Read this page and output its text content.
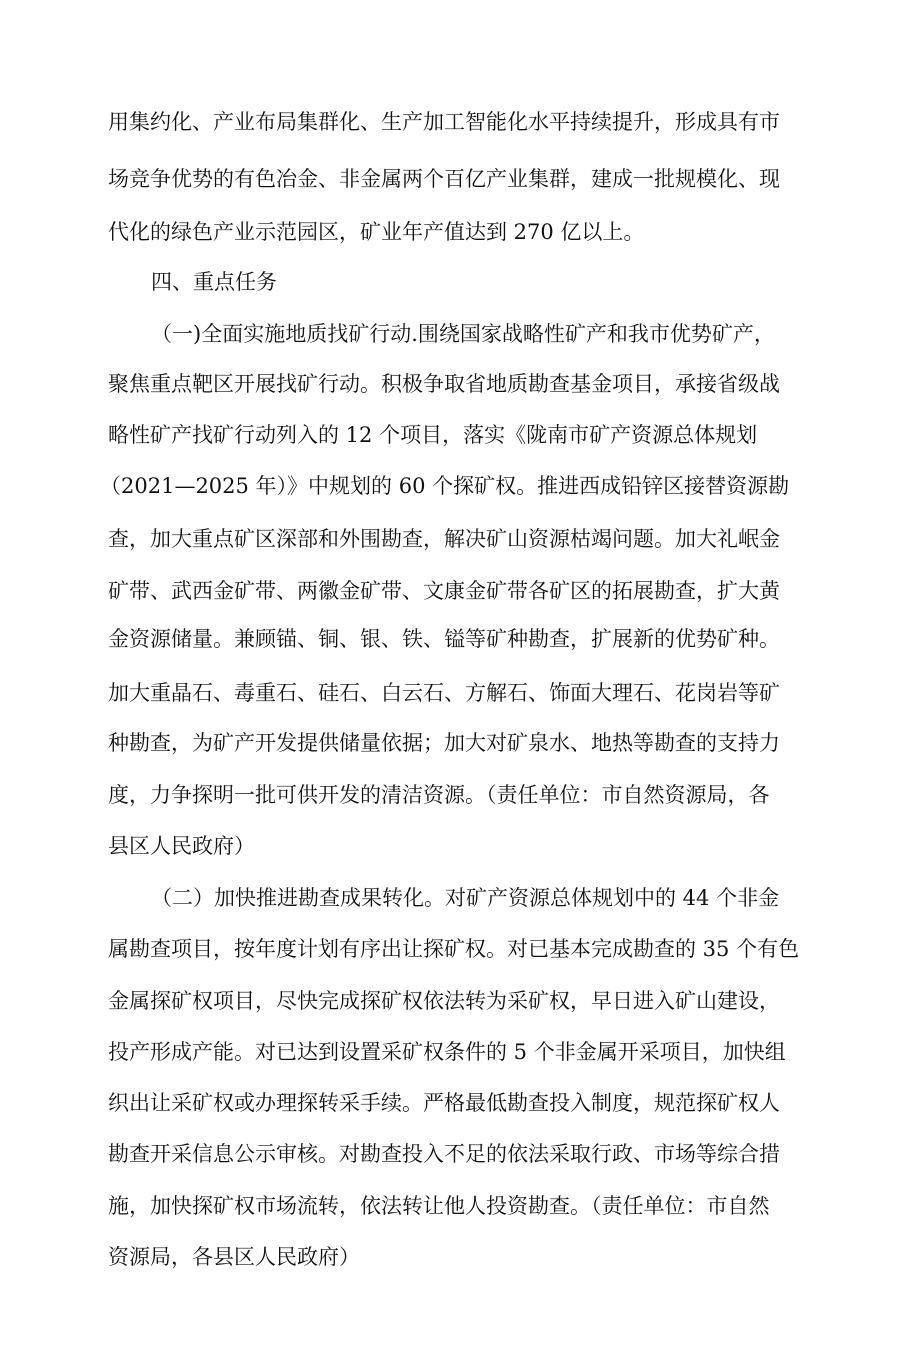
用集约化、产业布局集群化、生产加工智能化水平持续提升，形成具有市
场竞争优势的有色冶金、非金属两个百亿产业集群，建成一批规模化、现
代化的绿色产业示范园区，矿业年产值达到 270 亿以上。
四、重点任务
（一)全面实施地质找矿行动.围绕国家战略性矿产和我市优势矿产，
聚焦重点靶区开展找矿行动。积极争取省地质勘查基金项目，承接省级战
略性矿产找矿行动列入的 12 个项目，落实《陇南市矿产资源总体规划
（2021—2025 年）》中规划的 60 个探矿权。推进西成铅锌区接替资源勘
查，加大重点矿区深部和外围勘查，解决矿山资源枯竭问题。加大礼岷金
矿带、武西金矿带、两徽金矿带、文康金矿带各矿区的拓展勘查，扩大黄
金资源储量。兼顾锚、铜、银、铁、镒等矿种勘查，扩展新的优势矿种。
加大重晶石、毒重石、硅石、白云石、方解石、饰面大理石、花岗岩等矿
种勘查，为矿产开发提供储量依据；加大对矿泉水、地热等勘查的支持力
度，力争探明一批可供开发的清洁资源。（责任单位：市自然资源局，各
县区人民政府）
（二）加快推进勘查成果转化。对矿产资源总体规划中的 44 个非金
属勘查项目，按年度计划有序出让探矿权。对已基本完成勘查的 35 个有色
金属探矿权项目，尽快完成探矿权依法转为采矿权，早日进入矿山建设，
投产形成产能。对已达到设置采矿权条件的 5 个非金属开采项目，加快组
织出让采矿权或办理探转采手续。严格最低勘查投入制度，规范探矿权人
勘查开采信息公示审核。对勘查投入不足的依法采取行政、市场等综合措
施，加快探矿权市场流转，依法转让他人投资勘查。（责任单位：市自然
资源局，各县区人民政府）
